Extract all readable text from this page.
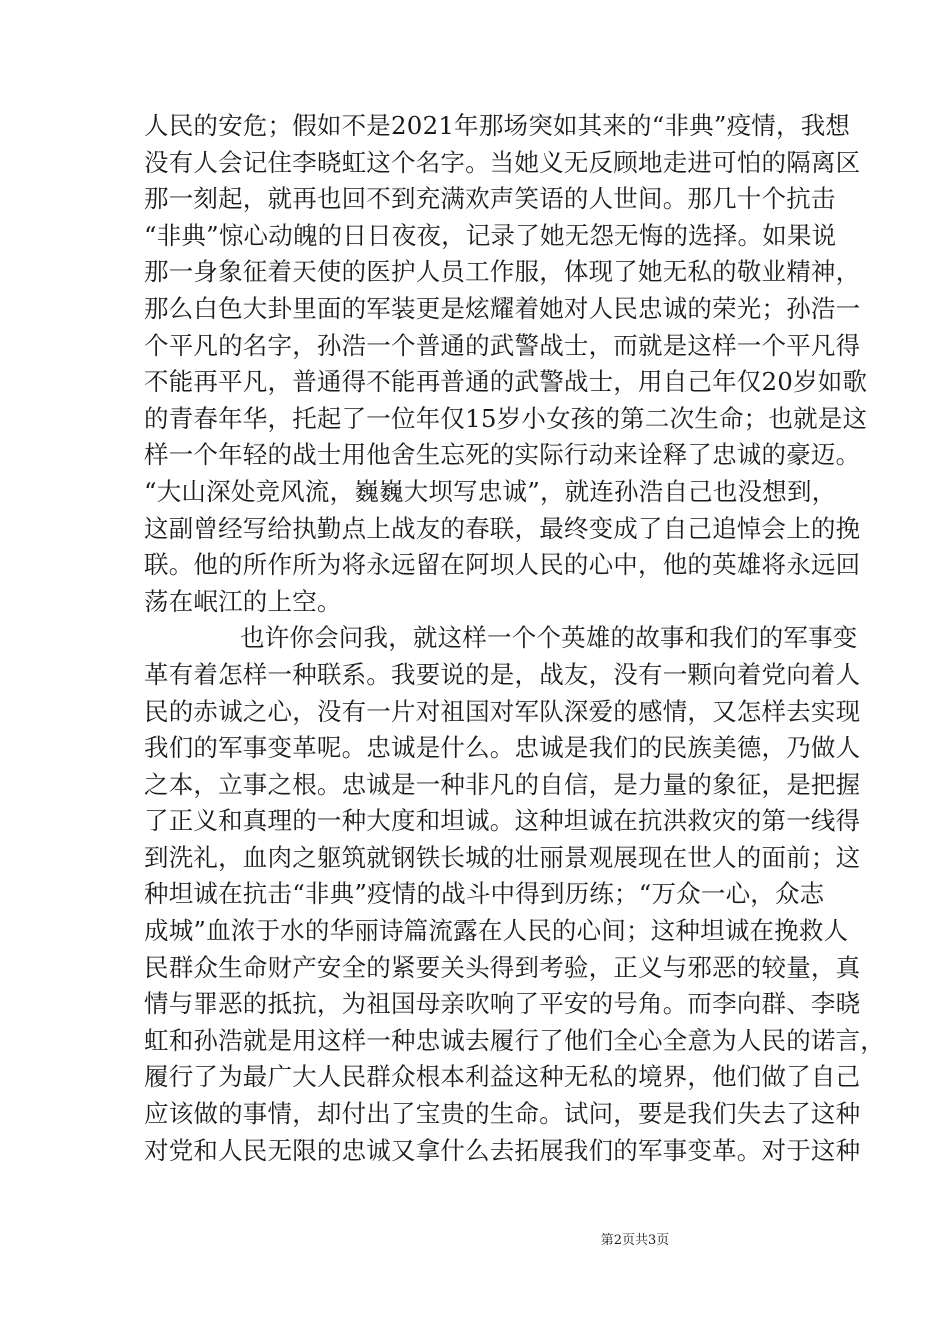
人民的安危；假如不是2021年那场突如其来的“非典”疫情，我想
没有人会记住李晓虹这个名字。当她义无反顾地走进可怕的隔离区
那一刻起，就再也回不到充满欢声笑语的人世间。那几十个抗击
“非典”惊心动魄的日日夜夜，记录了她无怨无悔的选择。如果说
那一身象征着天使的医护人员工作服，体现了她无私的敬业精神，
那么白色大卦里面的军装更是炫耀着她对人民忠诚的荣光；孙浩一
个平凡的名字，孙浩一个普通的武警战士，而就是这样一个平凡得
不能再平凡，普通得不能再普通的武警战士，用自己年仅20岁如歌
的青春年华，托起了一位年仅15岁小女孩的第二次生命；也就是这
样一个年轻的战士用他舍生忘死的实际行动来诠释了忠诚的豪迈。
“大山深处竞风流，巍巍大坝写忠诚”，就连孙浩自己也没想到，
这副曾经写给执勤点上战友的春联，最终变成了自己追悼会上的挽
联。他的所作所为将永远留在阿坝人民的心中，他的英雄将永远回
荡在岷江的上空。
也许你会问我，就这样一个个英雄的故事和我们的军事变
革有着怎样一种联系。我要说的是，战友，没有一颗向着党向着人
民的赤诚之心，没有一片对祖国对军队深爱的感情，又怎样去实现
我们的军事变革呢。忠诚是什么。忠诚是我们的民族美德，乃做人
之本，立事之根。忠诚是一种非凡的自信，是力量的象征，是把握
了正义和真理的一种大度和坦诚。这种坦诚在抗洪救灾的第一线得
到洗礼，血肉之躯筑就钢铁长城的壮丽景观展现在世人的面前；这
种坦诚在抗击“非典”疫情的战斗中得到历练；“万众一心，众志
成城”血浓于水的华丽诗篇流露在人民的心间；这种坦诚在挽救人
民群众生命财产安全的紧要关头得到考验，正义与邪恶的较量，真
情与罪恶的抵抗，为祖国母亲吹响了平安的号角。而李向群、李晓
虹和孙浩就是用这样一种忠诚去履行了他们全心全意为人民的诺言，
履行了为最广大人民群众根本利益这种无私的境界，他们做了自己
应该做的事情，却付出了宝贵的生命。试问，要是我们失去了这种
对党和人民无限的忠诚又拿什么去拓展我们的军事变革。对于这种
第2页共3页
